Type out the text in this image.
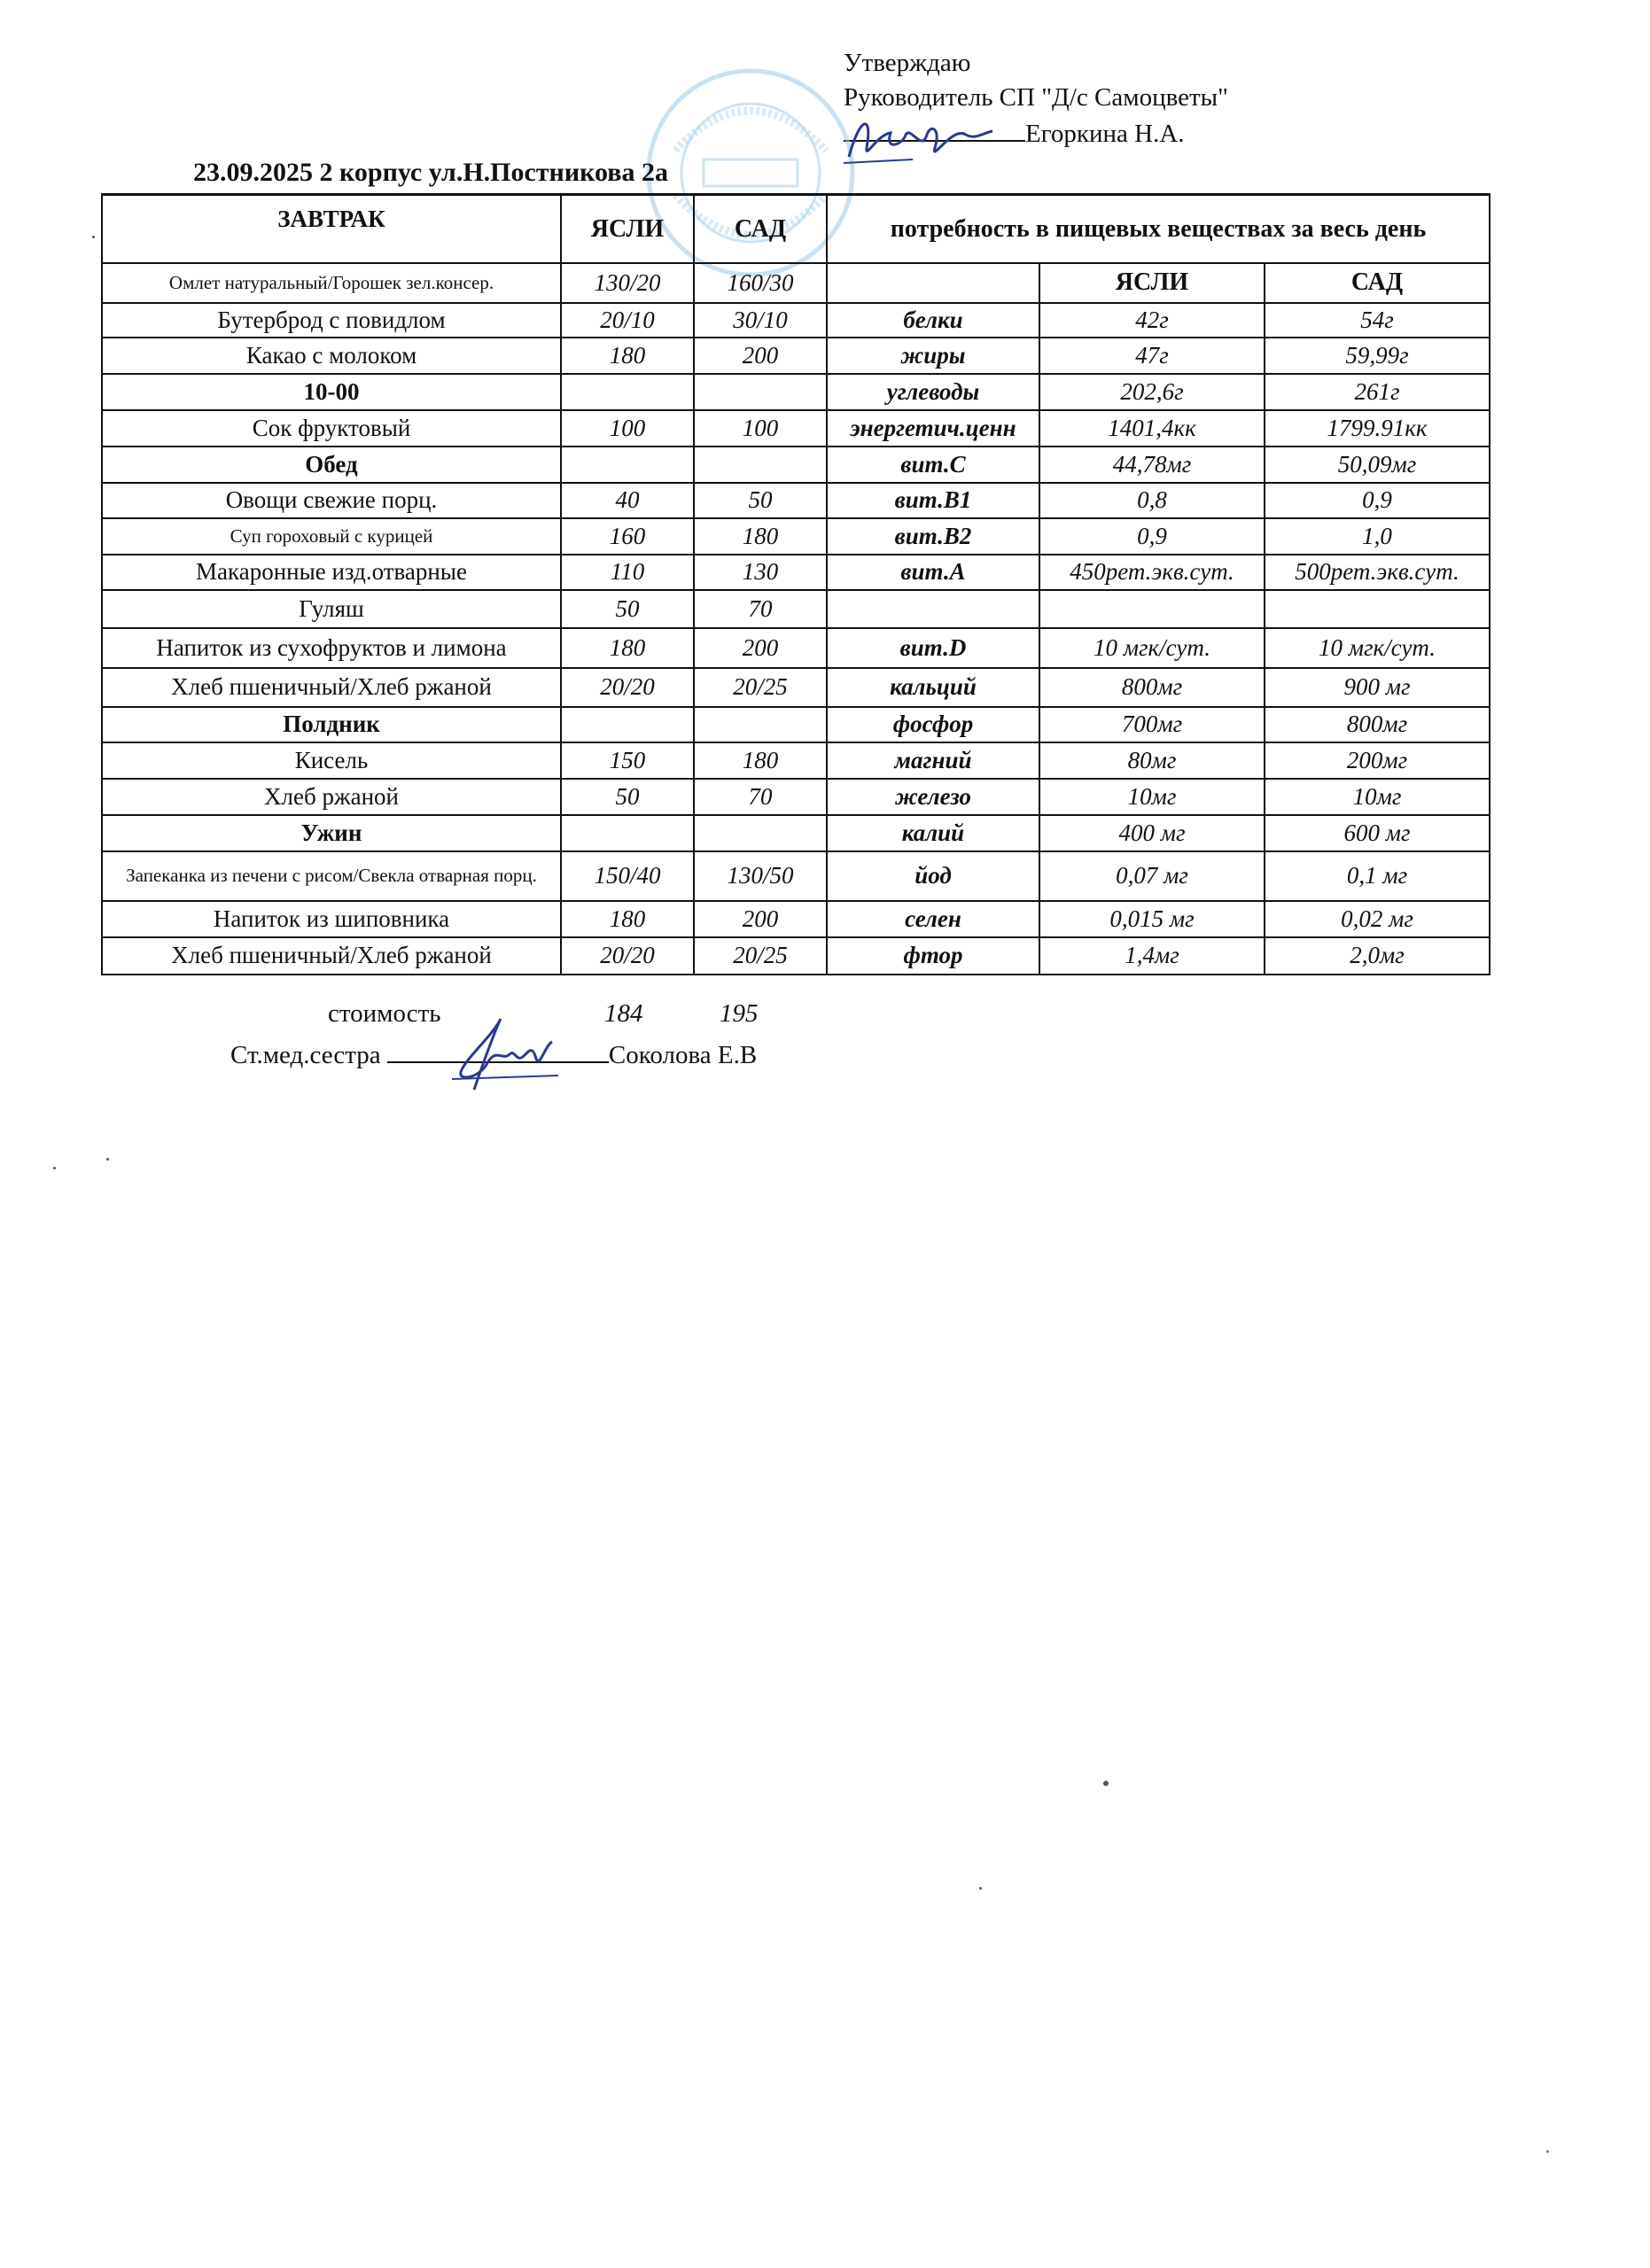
Утверждаю
Руководитель СП "Д/с Самоцветы"
Егоркина Н.А.
23.09.2025 2 корпус ул.Н.Постникова 2а
ЗАВТРАК	ЯСЛИ	САД	потребность в пищевых веществах за весь день		
Омлет натуральный/Горошек зел.консер.	130/20	160/30		ЯСЛИ	САД
Бутерброд с повидлом	20/10	30/10	белки	42г	54г
Какао с молоком	180	200	жиры	47г	59,99г
10-00			углеводы	202,6г	261г
Сок фруктовый	100	100	энергетич.ценн	1401,4кк	1799.91кк
Обед			вит.С	44,78мг	50,09мг
Овощи свежие порц.	40	50	вит.В1	0,8	0,9
Суп гороховый с курицей	160	180	вит.В2	0,9	1,0
Макаронные изд.отварные	110	130	вит.А	450рет.экв.сут.	500рет.экв.сут.
Гуляш	50	70			
Напиток из сухофруктов и лимона	180	200	вит.D	10 мгк/сут.	10 мгк/сут.
Хлеб пшеничный/Хлеб ржаной	20/20	20/25	кальций	800мг	900 мг
Полдник			фосфор	700мг	800мг
Кисель	150	180	магний	80мг	200мг
Хлеб ржаной	50	70	железо	10мг	10мг
Ужин			калий	400 мг	600 мг
Запеканка из печени с рисом/Свекла отварная порц.	150/40	130/50	йод	0,07 мг	0,1 мг
Напиток из шиповника	180	200	селен	0,015 мг	0,02 мг
Хлеб пшеничный/Хлеб ржаной	20/20	20/25	фтор	1,4мг	2,0мг
стоимость	184	195
Ст.мед.сестра	Соколова Е.В
